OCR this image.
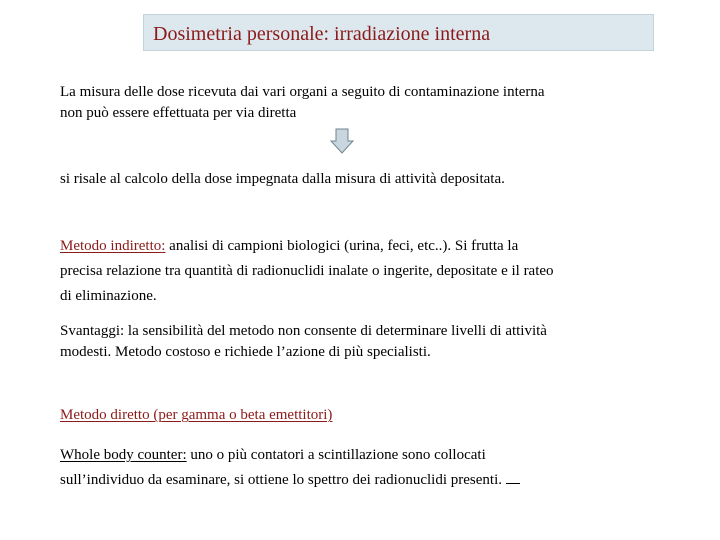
Dosimetria personale: irradiazione interna
La misura delle dose ricevuta dai vari organi a seguito di contaminazione interna
non può essere effettuata per via diretta
si risale al calcolo della dose impegnata dalla misura di attività depositata.
Metodo indiretto: analisi di campioni biologici (urina, feci, etc..). Si frutta la
precisa relazione tra quantità di radionuclidi inalate o ingerite, depositate e il rateo
di eliminazione.
Svantaggi: la sensibilità del metodo non consente di determinare livelli di attività
modesti. Metodo costoso e richiede l’azione di più specialisti.
Metodo diretto (per gamma o beta emettitori)
Whole body counter: uno o più contatori a scintillazione sono collocati
sull’individuo da esaminare, si ottiene lo spettro dei radionuclidi presenti.
